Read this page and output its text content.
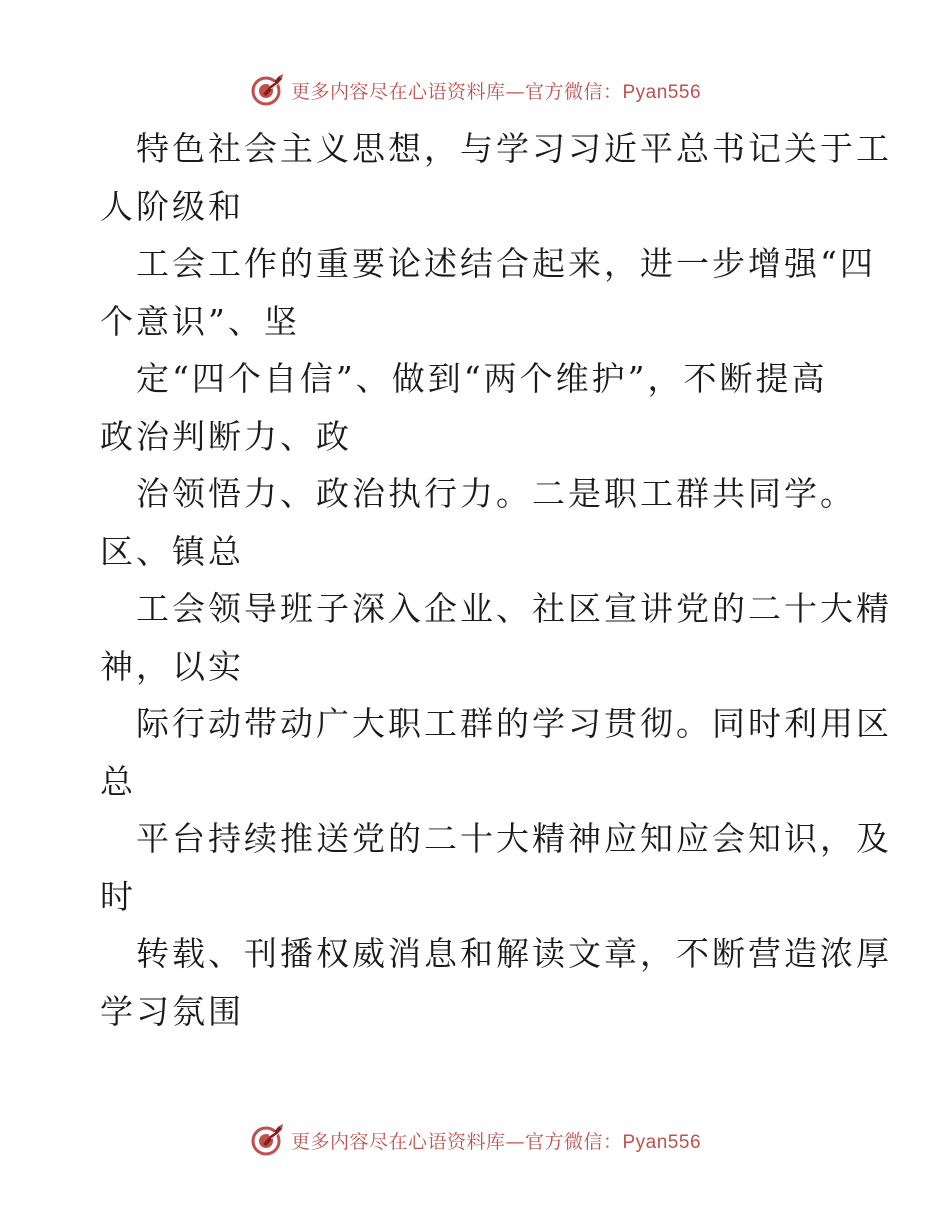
更多内容尽在心语资料库—官方微信：Pyan556
特色社会主义思想，与学习习近平总书记关于工
人阶级和
工会工作的重要论述结合起来，进一步增强“四
个意识”、坚
定“四个自信”、做到“两个维护”，不断提高
政治判断力、政
治领悟力、政治执行力。二是职工群共同学。
区、镇总
工会领导班子深入企业、社区宣讲党的二十大精
神，以实
际行动带动广大职工群的学习贯彻。同时利用区
总
平台持续推送党的二十大精神应知应会知识，及
时
转载、刊播权威消息和解读文章，不断营造浓厚
学习氛围
更多内容尽在心语资料库—官方微信：Pyan556
